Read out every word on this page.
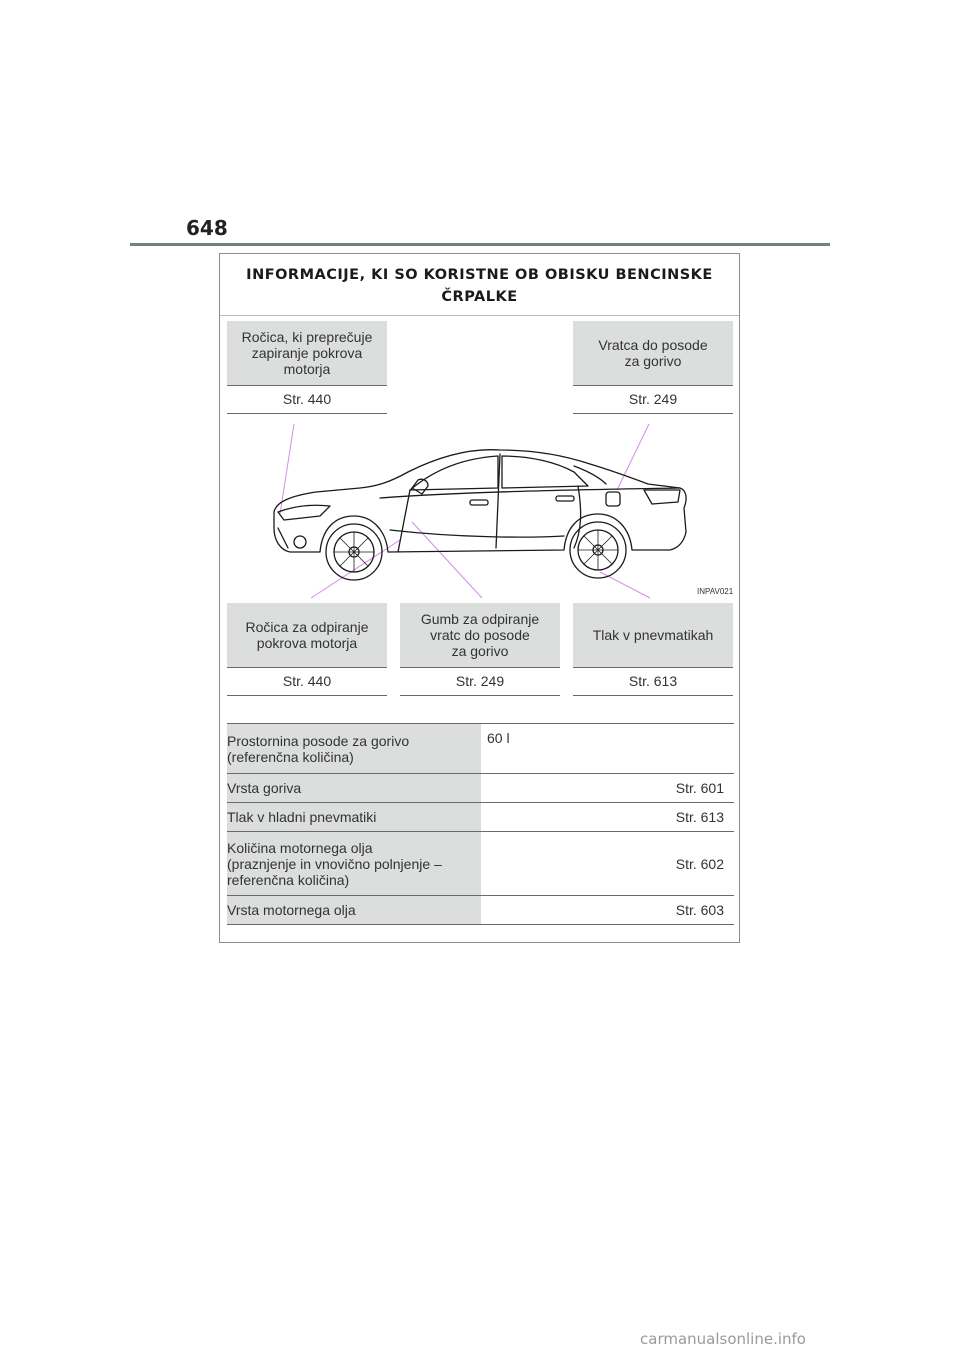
648
INFORMACIJE, KI SO KORISTNE OB OBISKU BENCINSKE ČRPALKE
Ročica, ki preprečuje
zapiranje pokrova
motorja
Str. 440
Vratca do posode
za gorivo
Str. 249
INPAV021
Ročica za odpiranje
pokrova motorja
Str. 440
Gumb za odpiranje
vratc do posode
za gorivo
Str. 249
Tlak v pnevmatikah
Str. 613
Prostornina posode za gorivo
(referenčna količina)	60 l
Vrsta goriva	Str. 601
Tlak v hladni pnevmatiki	Str. 613
Količina motornega olja
(praznjenje in vnovično polnjenje –
referenčna količina)	Str. 602
Vrsta motornega olja	Str. 603
carmanualsonline.info
